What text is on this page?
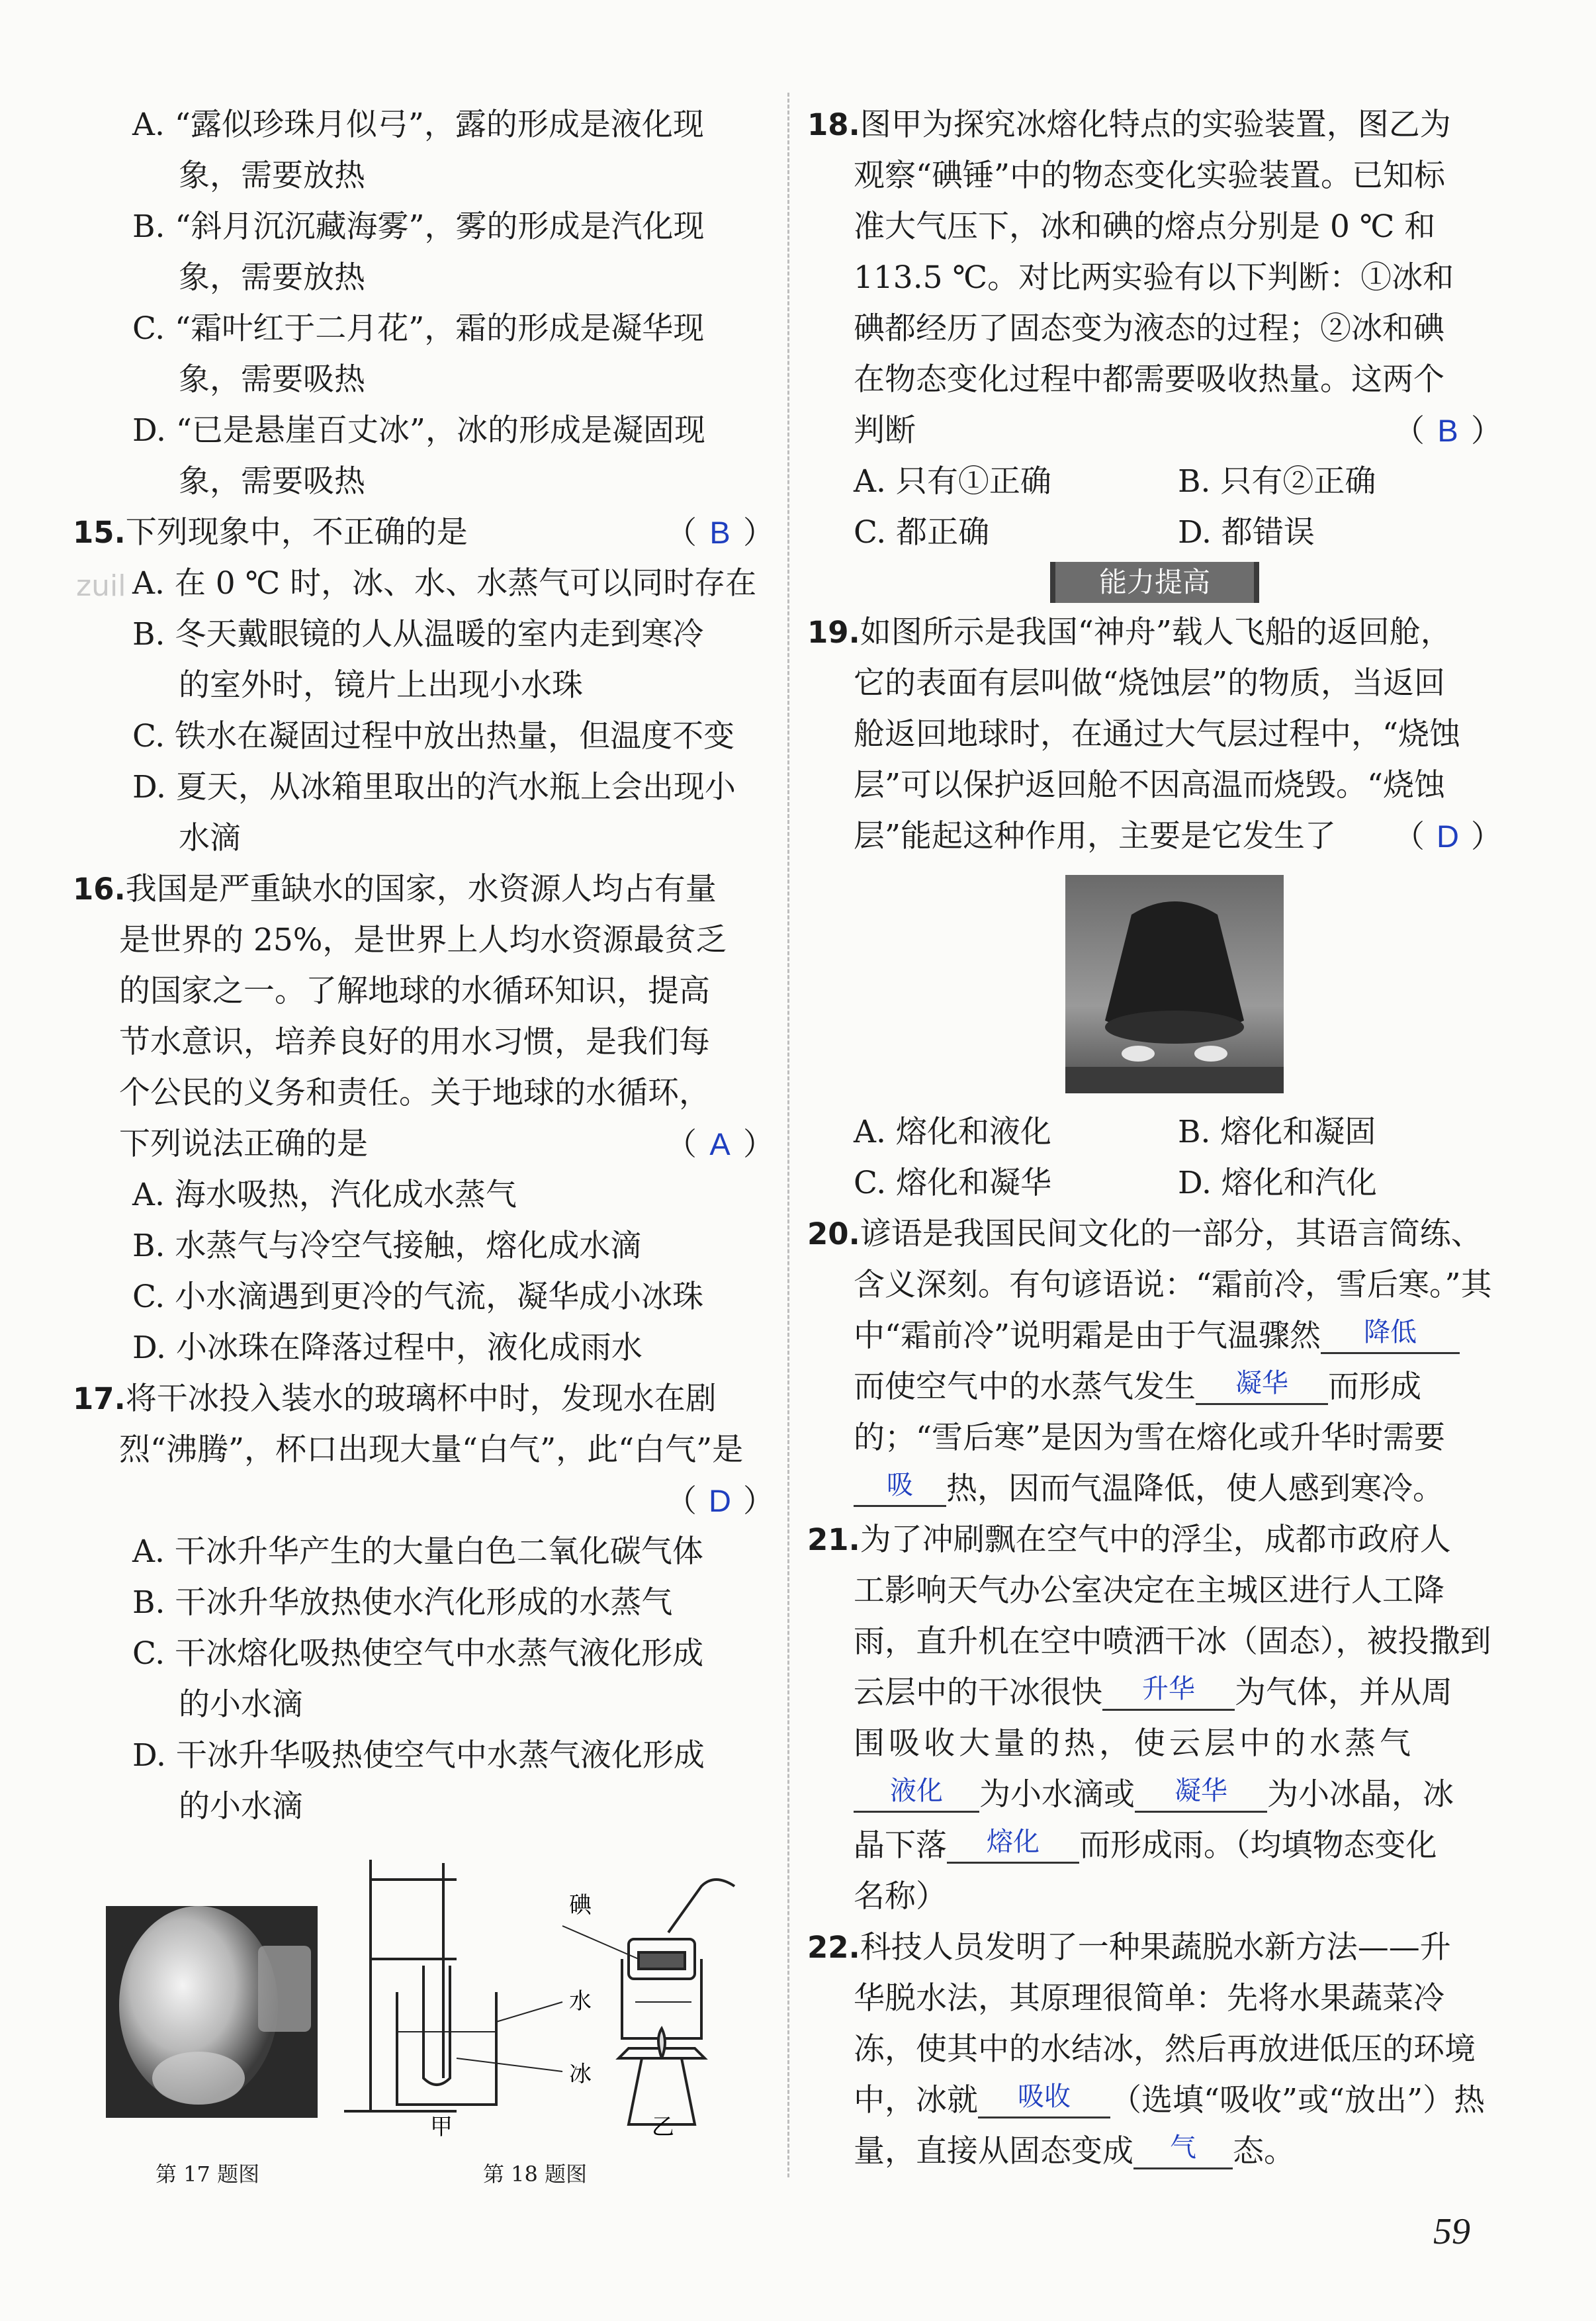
zuil
A. “露似珍珠月似弓”，露的形成是液化现
象，需要放热
B. “斜月沉沉藏海雾”，雾的形成是汽化现
象，需要放热
C. “霜叶红于二月花”，霜的形成是凝华现
象，需要吸热
D. “已是悬崖百丈冰”，冰的形成是凝固现
象，需要吸热
15.下列现象中，不正确的是	（ B ）
A. 在 0 ℃ 时，冰、水、水蒸气可以同时存在
B. 冬天戴眼镜的人从温暖的室内走到寒冷
的室外时，镜片上出现小水珠
C. 铁水在凝固过程中放出热量，但温度不变
D. 夏天，从冰箱里取出的汽水瓶上会出现小
水滴
16.我国是严重缺水的国家，水资源人均占有量
是世界的 25%，是世界上人均水资源最贫乏
的国家之一。了解地球的水循环知识，提高
节水意识，培养良好的用水习惯，是我们每
个公民的义务和责任。关于地球的水循环，
下列说法正确的是	（ A ）
A. 海水吸热，汽化成水蒸气
B. 水蒸气与冷空气接触，熔化成水滴
C. 小水滴遇到更冷的气流，凝华成小冰珠
D. 小冰珠在降落过程中，液化成雨水
17.将干冰投入装水的玻璃杯中时，发现水在剧
烈“沸腾”，杯口出现大量“白气”，此“白气”是
（ D ）

A. 干冰升华产生的大量白色二氧化碳气体
B. 干冰升华放热使水汽化形成的水蒸气
C. 干冰熔化吸热使空气中水蒸气液化形成
的小水滴
D. 干冰升华吸热使空气中水蒸气液化形成
的小水滴
碘
水
冰
甲	乙
第 17 题图	第 18 题图
18.图甲为探究冰熔化特点的实验装置，图乙为
观察“碘锤”中的物态变化实验装置。已知标
准大气压下，冰和碘的熔点分别是 0 ℃ 和
113.5 ℃。对比两实验有以下判断：①冰和
碘都经历了固态变为液态的过程；②冰和碘
在物态变化过程中都需要吸收热量。这两个
判断	（ B ）
A. 只有①正确	B. 只有②正确
C. 都正确	D. 都错误
能力提高
19.如图所示是我国“神舟”载人飞船的返回舱，
它的表面有层叫做“烧蚀层”的物质，当返回
舱返回地球时，在通过大气层过程中，“烧蚀
层”可以保护返回舱不因高温而烧毁。“烧蚀
层”能起这种作用，主要是它发生了 （ D ）
A. 熔化和液化	B. 熔化和凝固
C. 熔化和凝华	D. 熔化和汽化
20.谚语是我国民间文化的一部分，其语言简练、
含义深刻。有句谚语说：“霜前冷，雪后寒。”其
中“霜前冷”说明霜是由于气温骤然 降低
而使空气中的水蒸气发生 凝华 而形成
的；“雪后寒”是因为雪在熔化或升华时需要
吸 热，因而气温降低，使人感到寒冷。
21.为了冲刷飘在空气中的浮尘，成都市政府人
工影响天气办公室决定在主城区进行人工降
雨，直升机在空中喷洒干冰（固态），被投撒到
云层中的干冰很快 升华 为气体，并从周
围吸收大量的热，使云层中的水蒸气
液化 为小水滴或 凝华 为小冰晶，冰
晶下落 熔化 而形成雨。（均填物态变化
名称）
22.科技人员发明了一种果蔬脱水新方法——升
华脱水法，其原理很简单：先将水果蔬菜冷
冻，使其中的水结冰，然后再放进低压的环境
中，冰就 吸收 （选填“吸收”或“放出”）热
量，直接从固态变成 气 态。
59
